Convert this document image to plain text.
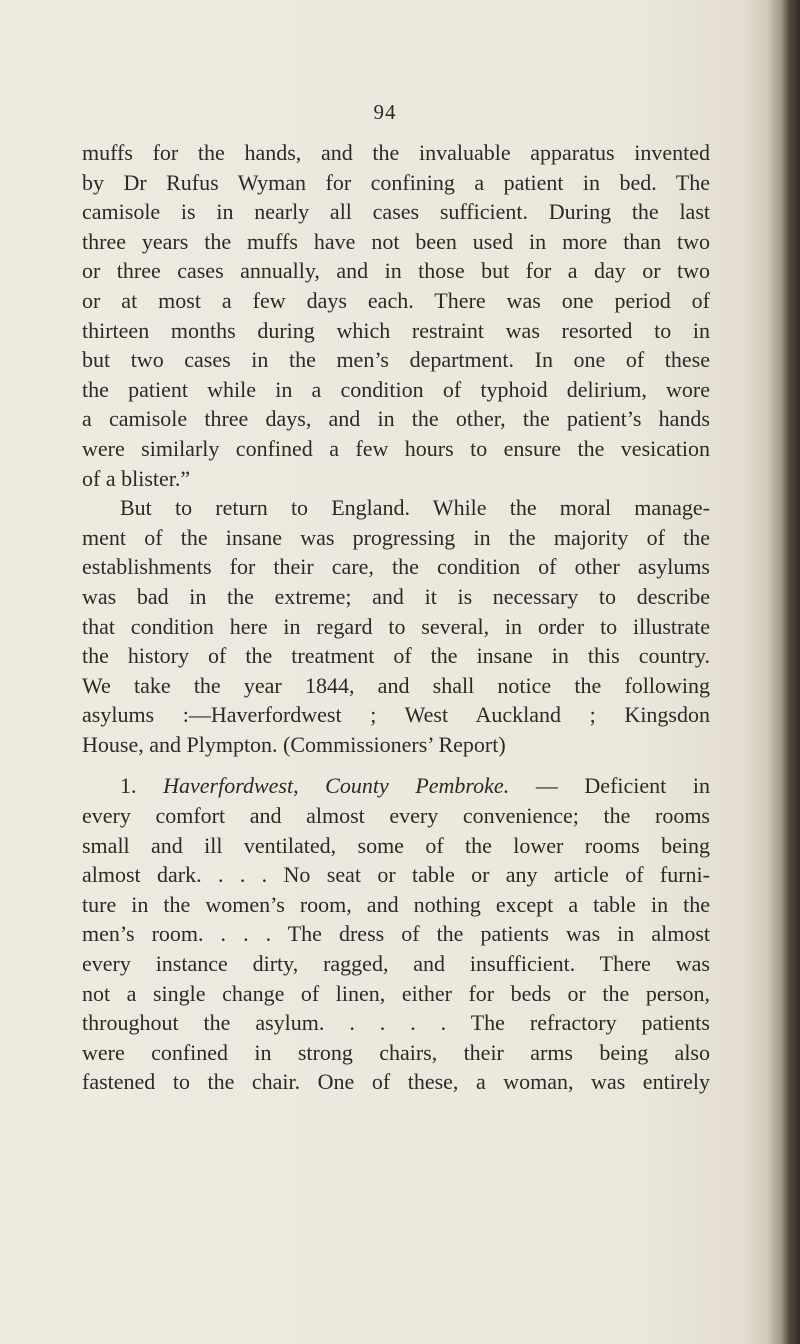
94
muffs for the hands, and the invaluable apparatus invented
by Dr Rufus Wyman for confining a patient in bed. The
camisole is in nearly all cases sufficient. During the last
three years the muffs have not been used in more than two
or three cases annually, and in those but for a day or two
or at most a few days each. There was one period of
thirteen months during which restraint was resorted to in
but two cases in the men’s department. In one of these
the patient while in a condition of typhoid delirium, wore
a camisole three days, and in the other, the patient’s hands
were similarly confined a few hours to ensure the vesication
of a blister.”
But to return to England. While the moral manage-
ment of the insane was progressing in the majority of the
establishments for their care, the condition of other asylums
was bad in the extreme; and it is necessary to describe
that condition here in regard to several, in order to illustrate
the history of the treatment of the insane in this country.
We take the year 1844, and shall notice the following
asylums :—Haverfordwest ; West Auckland ; Kingsdon
House, and Plympton. (Commissioners’ Report)
1. Haverfordwest, County Pembroke. — Deficient in
every comfort and almost every convenience; the rooms
small and ill ventilated, some of the lower rooms being
almost dark. . . . No seat or table or any article of furni-
ture in the women’s room, and nothing except a table in the
men’s room. . . . The dress of the patients was in almost
every instance dirty, ragged, and insufficient. There was
not a single change of linen, either for beds or the person,
throughout the asylum. . . . . The refractory patients
were confined in strong chairs, their arms being also
fastened to the chair. One of these, a woman, was entirely
